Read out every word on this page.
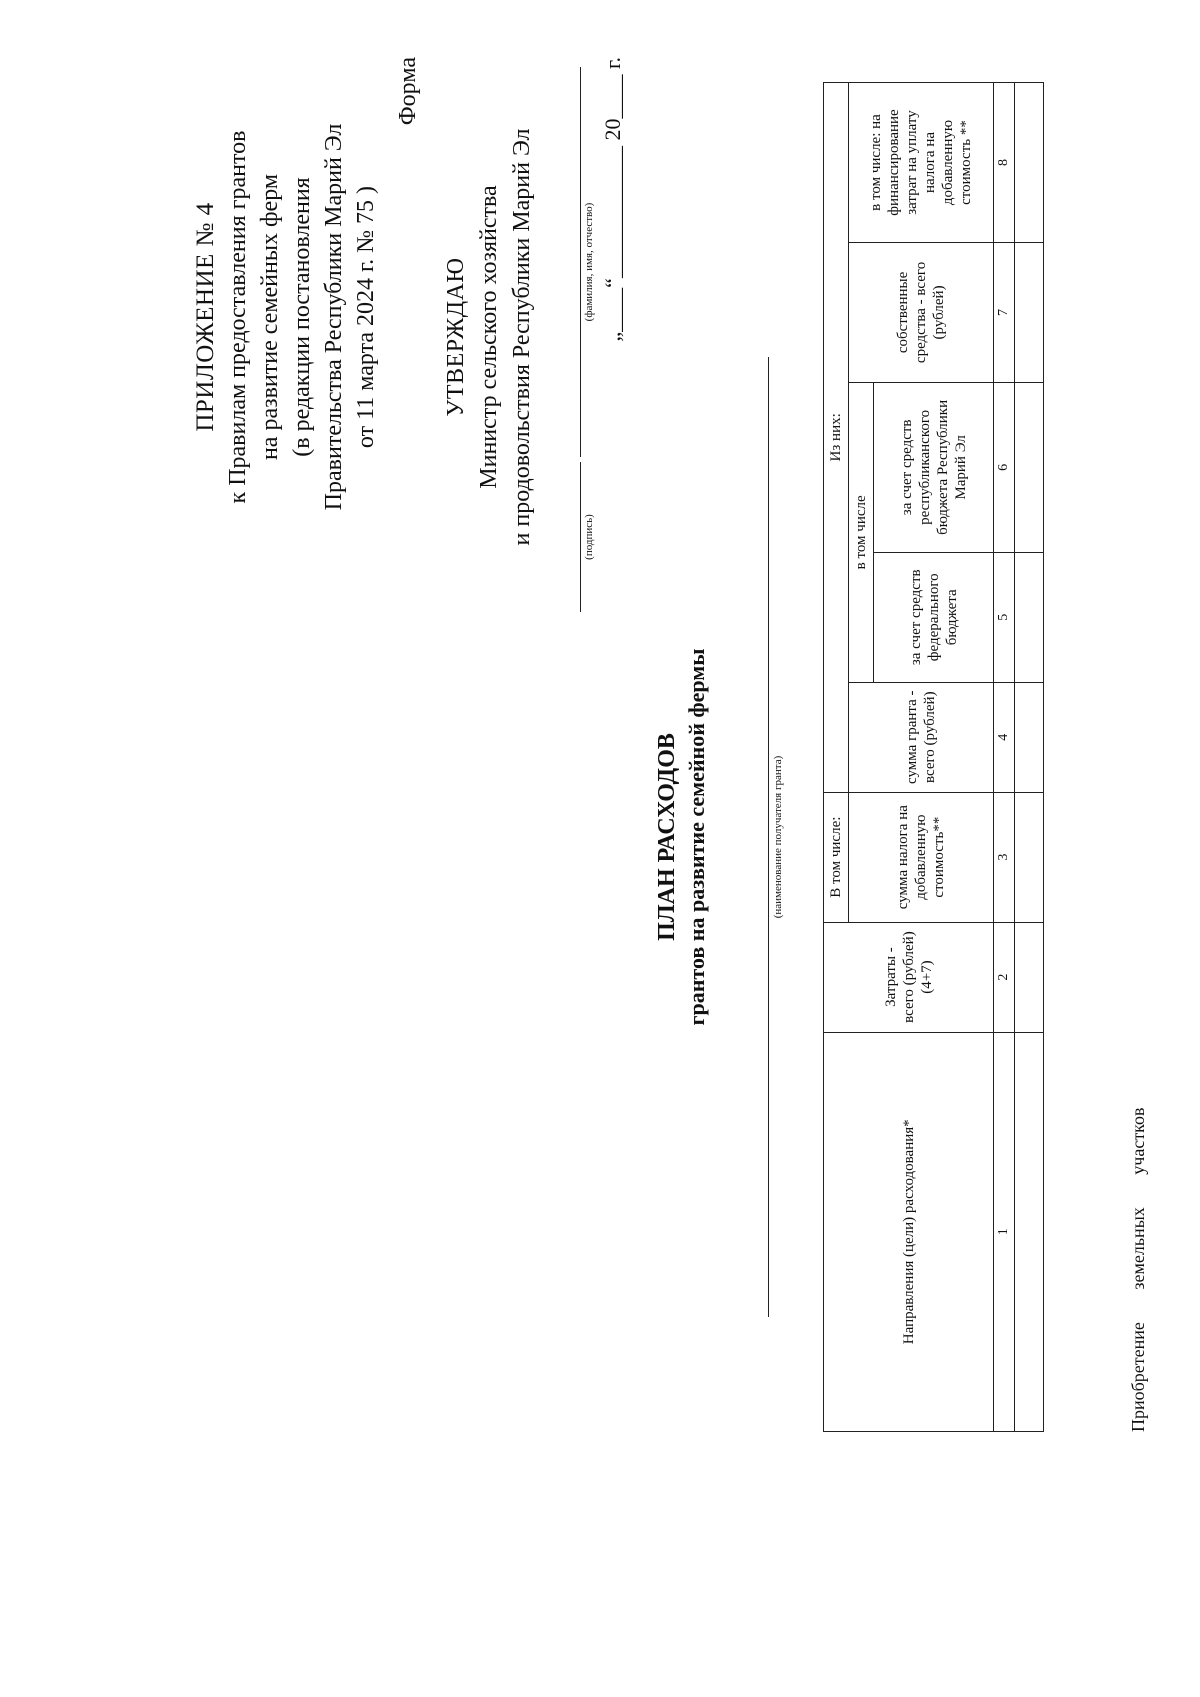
ПРИЛОЖЕНИЕ № 4 к Правилам предоставления грантов на развитие семейных ферм (в редакции постановления Правительства Республики Марий Эл от 11 марта 2024 г. № 75 )
Форма
УТВЕРЖДАЮ Министр сельского хозяйства и продовольствия Республики Марий Эл	(подпись)
(фамилия, имя, отчество) „____“____________ 20____ г.
ПЛАН РАСХОДОВ грантов на развитие семейной фермы	(наименование получателя гранта)
Направления (цели) расходования*	Затраты - всего (рублей) (4+7)	В том числе:	Из них:				
		сумма налога на добавленную стоимость**	сумма гранта - всего (рублей)	в том числе		собственные средства - всего (рублей)	в том числе: на финансирование затрат на уплату налога на добавленную стоимость **
				за счет средств федерального бюджета	за счет средств республиканского бюджета Республики Марий Эл		
1	2	3	4	5	6	7	8

Приобретение земельных участков
